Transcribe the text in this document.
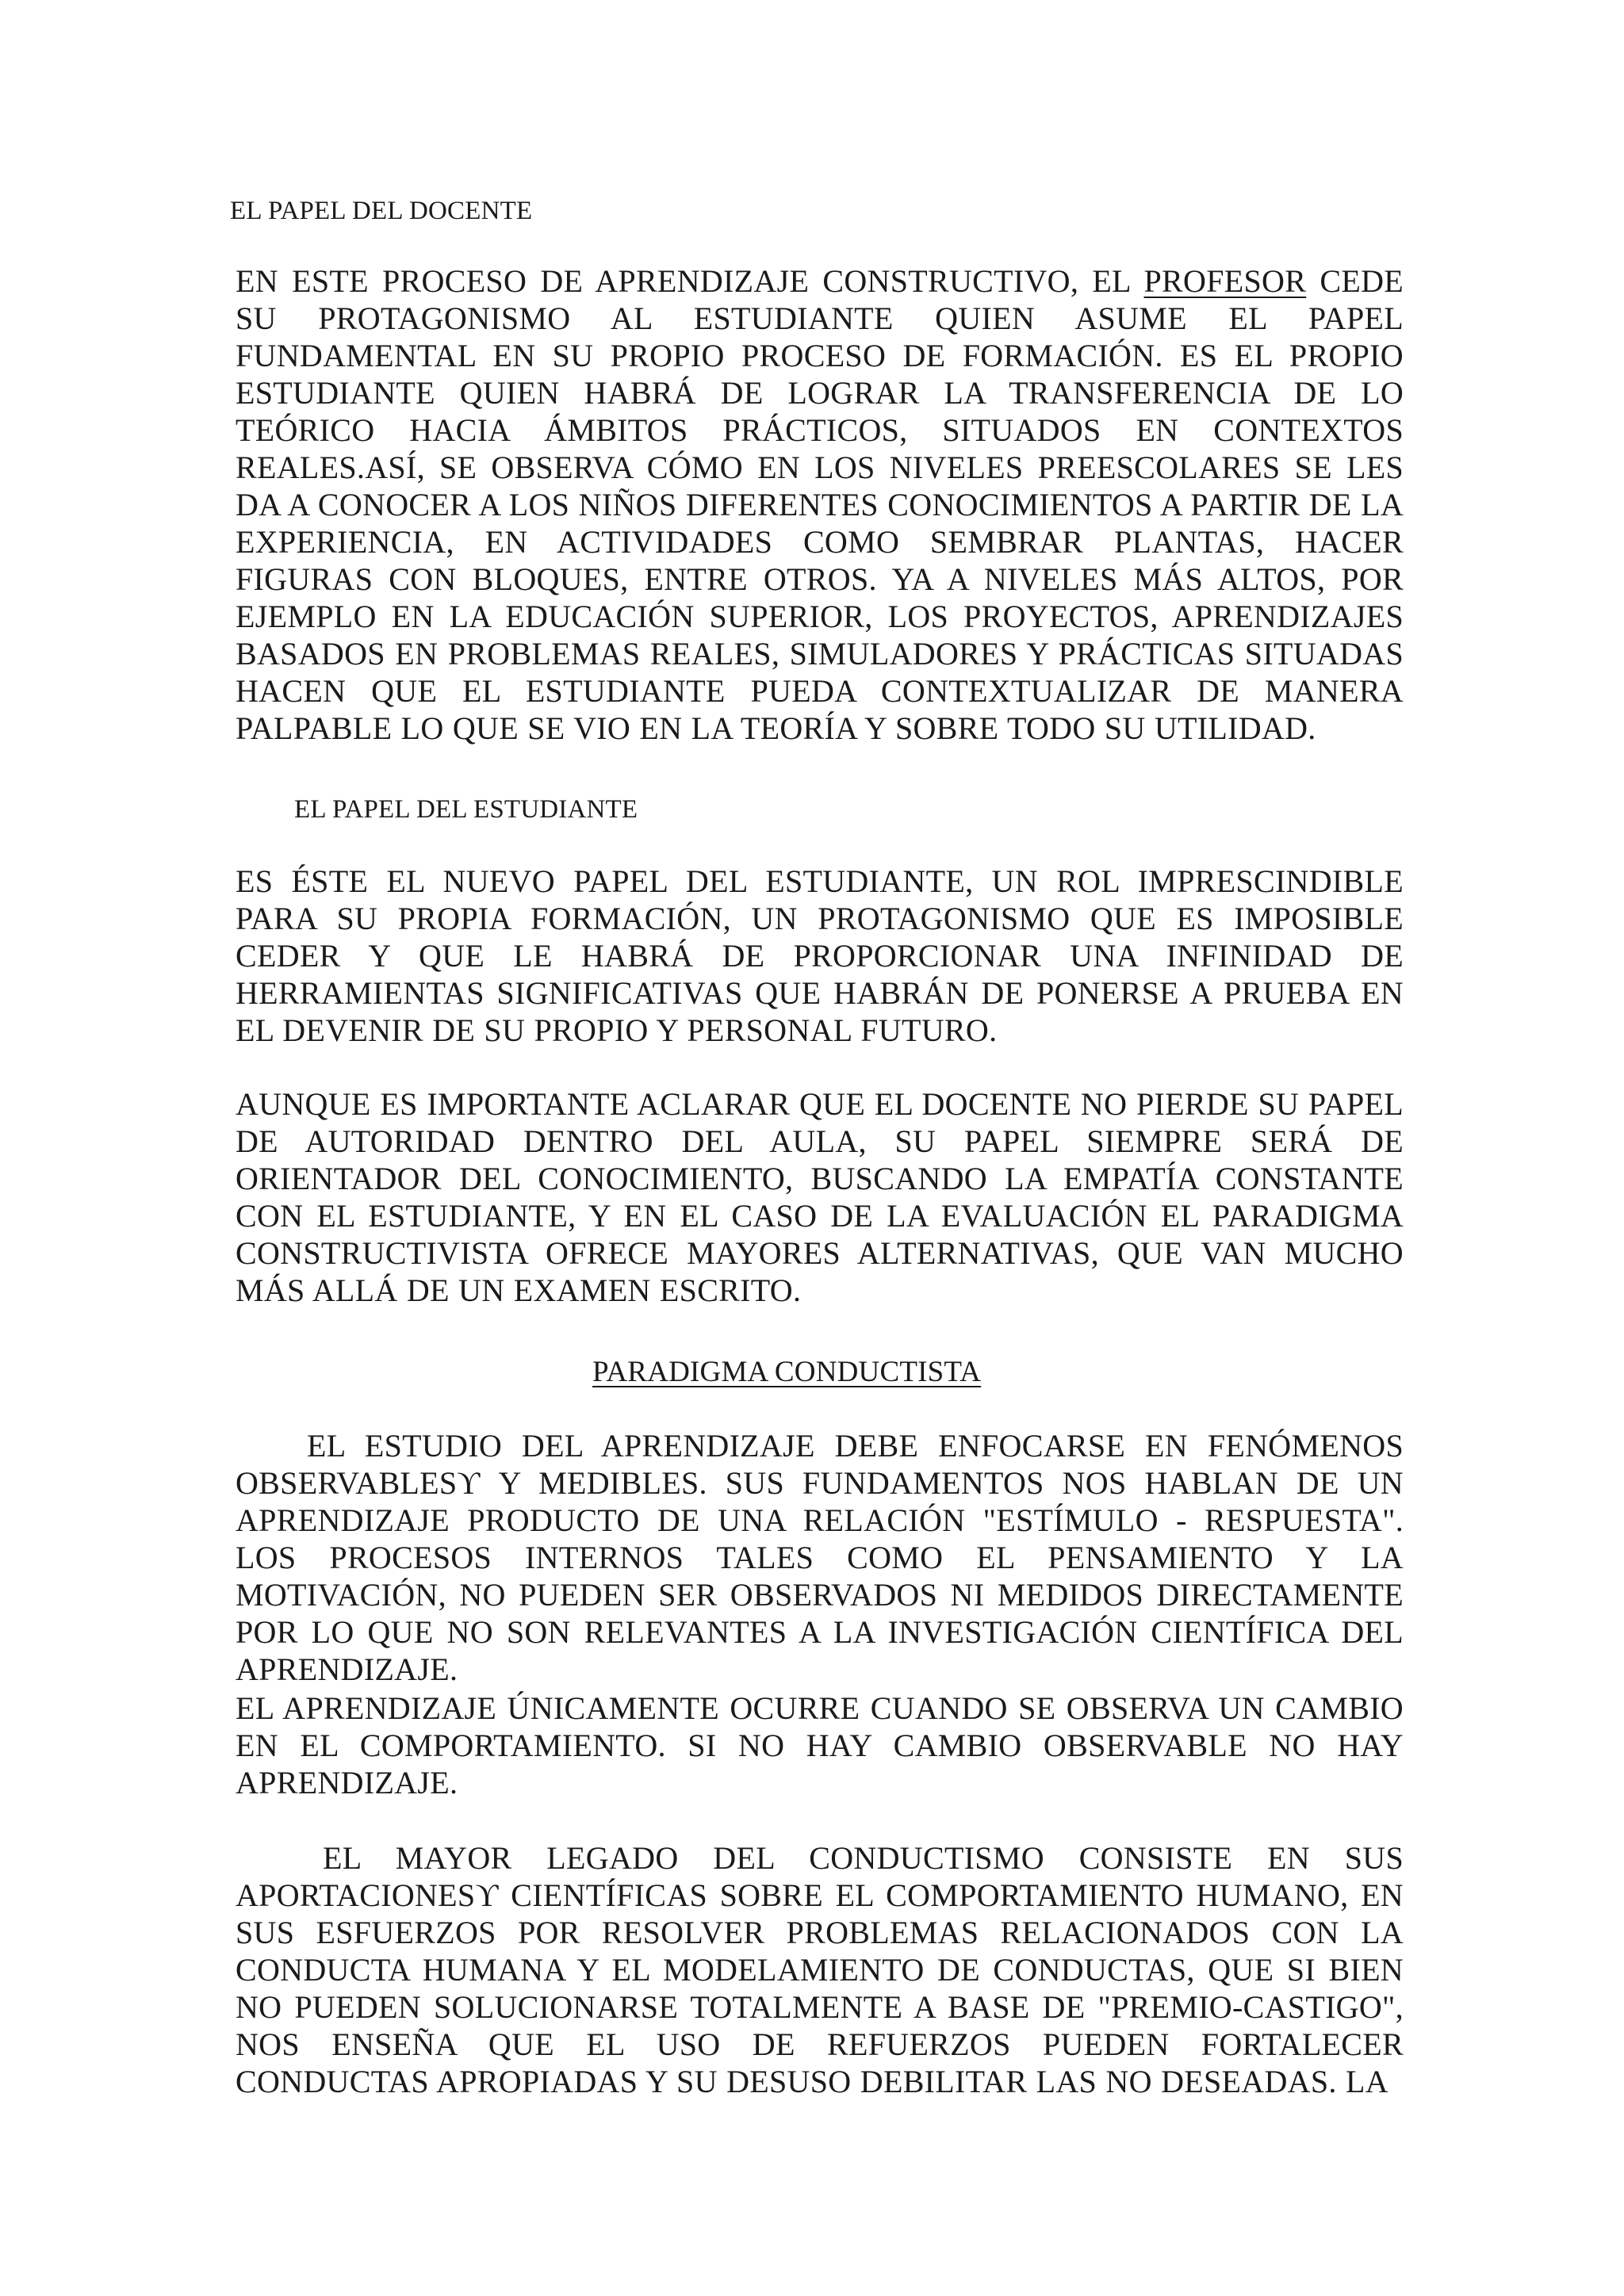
EL PAPEL DEL DOCENTE

EN ESTE PROCESO DE APRENDIZAJE CONSTRUCTIVO, EL PROFESOR CEDE SU PROTAGONISMO AL ESTUDIANTE QUIEN ASUME EL PAPEL FUNDAMENTAL EN SU PROPIO PROCESO DE FORMACIÓN. ES EL PROPIO ESTUDIANTE QUIEN HABRÁ DE LOGRAR LA TRANSFERENCIA DE LO TEÓRICO HACIA ÁMBITOS PRÁCTICOS, SITUADOS EN CONTEXTOS REALES.ASÍ, SE OBSERVA CÓMO EN LOS NIVELES PREESCOLARES SE LES DA A CONOCER A LOS NIÑOS DIFERENTES CONOCIMIENTOS A PARTIR DE LA EXPERIENCIA, EN ACTIVIDADES COMO SEMBRAR PLANTAS, HACER FIGURAS CON BLOQUES, ENTRE OTROS. YA A NIVELES MÁS ALTOS, POR EJEMPLO EN LA EDUCACIÓN SUPERIOR, LOS PROYECTOS, APRENDIZAJES BASADOS EN PROBLEMAS REALES, SIMULADORES Y PRÁCTICAS SITUADAS HACEN QUE EL ESTUDIANTE PUEDA CONTEXTUALIZAR DE MANERA PALPABLE LO QUE SE VIO EN LA TEORÍA Y SOBRE TODO SU UTILIDAD.

EL PAPEL DEL ESTUDIANTE

ES ÉSTE EL NUEVO PAPEL DEL ESTUDIANTE, UN ROL IMPRESCINDIBLE PARA SU PROPIA FORMACIÓN, UN PROTAGONISMO QUE ES IMPOSIBLE CEDER Y QUE LE HABRÁ DE PROPORCIONAR UNA INFINIDAD DE HERRAMIENTAS SIGNIFICATIVAS QUE HABRÁN DE PONERSE A PRUEBA EN EL DEVENIR DE SU PROPIO Y PERSONAL FUTURO.

AUNQUE ES IMPORTANTE ACLARAR QUE EL DOCENTE NO PIERDE SU PAPEL DE AUTORIDAD DENTRO DEL AULA, SU PAPEL SIEMPRE SERÁ DE ORIENTADOR DEL CONOCIMIENTO, BUSCANDO LA EMPATÍA CONSTANTE CON EL ESTUDIANTE, Y EN EL CASO DE LA EVALUACIÓN EL PARADIGMA CONSTRUCTIVISTA OFRECE MAYORES ALTERNATIVAS, QUE VAN MUCHO MÁS ALLÁ DE UN EXAMEN ESCRITO.

PARADIGMA CONDUCTISTA

EL ESTUDIO DEL APRENDIZAJE DEBE ENFOCARSE EN FENÓMENOS OBSERVABLESϒ Y MEDIBLES. SUS FUNDAMENTOS NOS HABLAN DE UN APRENDIZAJE PRODUCTO DE UNA RELACIÓN "ESTÍMULO - RESPUESTA". LOS PROCESOS INTERNOS TALES COMO EL PENSAMIENTO Y LA MOTIVACIÓN, NO PUEDEN SER OBSERVADOS NI MEDIDOS DIRECTAMENTE POR LO QUE NO SON RELEVANTES A LA INVESTIGACIÓN CIENTÍFICA DEL APRENDIZAJE.

EL APRENDIZAJE ÚNICAMENTE OCURRE CUANDO SE OBSERVA UN CAMBIO EN EL COMPORTAMIENTO. SI NO HAY CAMBIO OBSERVABLE NO HAY APRENDIZAJE.

EL MAYOR LEGADO DEL CONDUCTISMO CONSISTE EN SUS APORTACIONESϒ CIENTÍFICAS SOBRE EL COMPORTAMIENTO HUMANO, EN SUS ESFUERZOS POR RESOLVER PROBLEMAS RELACIONADOS CON LA CONDUCTA HUMANA Y EL MODELAMIENTO DE CONDUCTAS, QUE SI BIEN NO PUEDEN SOLUCIONARSE TOTALMENTE A BASE DE "PREMIO-CASTIGO", NOS ENSEÑA QUE EL USO DE REFUERZOS PUEDEN FORTALECER CONDUCTAS APROPIADAS Y SU DESUSO DEBILITAR LAS NO DESEADAS. LA
